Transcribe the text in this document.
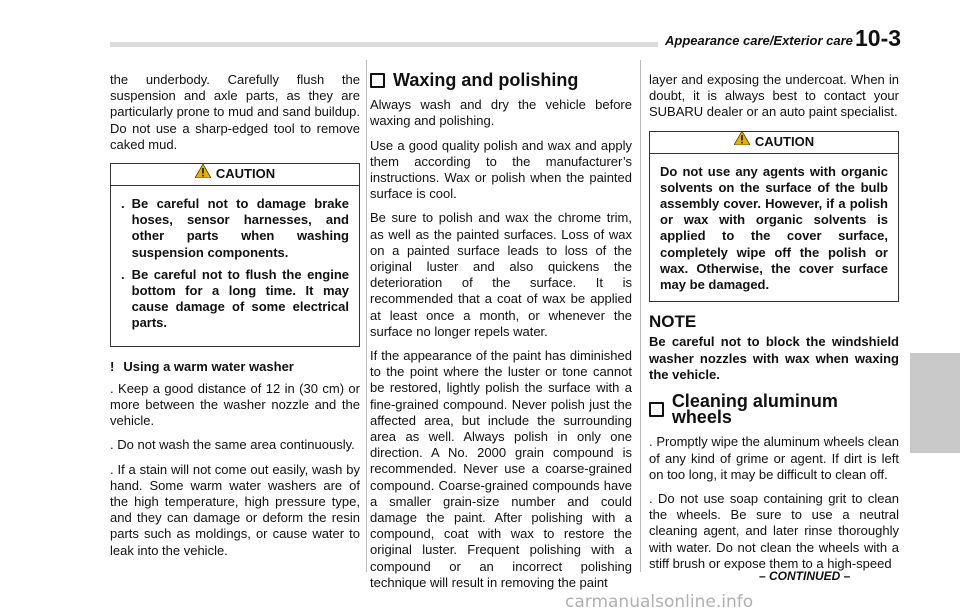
Appearance care/Exterior care 10-3

the underbody. Carefully flush the suspension and axle parts, as they are particularly prone to mud and sand buildup. Do not use a sharp-edged tool to remove caked mud.

CAUTION
. Be careful not to damage brake hoses, sensor harnesses, and other parts when washing suspension components.
. Be careful not to flush the engine bottom for a long time. It may cause damage of some electrical parts.
! Using a warm water washer

. Keep a good distance of 12 in (30 cm) or more between the washer nozzle and the vehicle.

. Do not wash the same area continuously.

. If a stain will not come out easily, wash by hand. Some warm water washers are of the high temperature, high pressure type, and they can damage or deform the resin parts such as moldings, or cause water to leak into the vehicle.

Waxing and polishing

Always wash and dry the vehicle before waxing and polishing.

Use a good quality polish and wax and apply them according to the manufacturer’s instructions. Wax or polish when the painted surface is cool.

Be sure to polish and wax the chrome trim, as well as the painted surfaces. Loss of wax on a painted surface leads to loss of the original luster and also quickens the deterioration of the surface. It is recommended that a coat of wax be applied at least once a month, or whenever the surface no longer repels water.

If the appearance of the paint has diminished to the point where the luster or tone cannot be restored, lightly polish the surface with a fine-grained compound. Never polish just the affected area, but include the surrounding area as well. Always polish in only one direction. A No. 2000 grain compound is recommended. Never use a coarse-grained compound. Coarse-grained compounds have a smaller grain-size number and could damage the paint. After polishing with a compound, coat with wax to restore the original luster. Frequent polishing with a compound or an incorrect polishing technique will result in removing the paint

layer and exposing the undercoat. When in doubt, it is always best to contact your SUBARU dealer or an auto paint specialist.

CAUTION
Do not use any agents with organic solvents on the surface of the bulb assembly cover. However, if a polish or wax with organic solvents is applied to the cover surface, completely wipe off the polish or wax. Otherwise, the cover surface may be damaged.
NOTE

Be careful not to block the windshield washer nozzles with wax when waxing the vehicle.

Cleaning aluminum wheels

. Promptly wipe the aluminum wheels clean of any kind of grime or agent. If dirt is left on too long, it may be difficult to clean off.

. Do not use soap containing grit to clean the wheels. Be sure to use a neutral cleaning agent, and later rinse thoroughly with water. Do not clean the wheels with a stiff brush or expose them to a high-speed

– CONTINUED –
carmanualsonline.info
